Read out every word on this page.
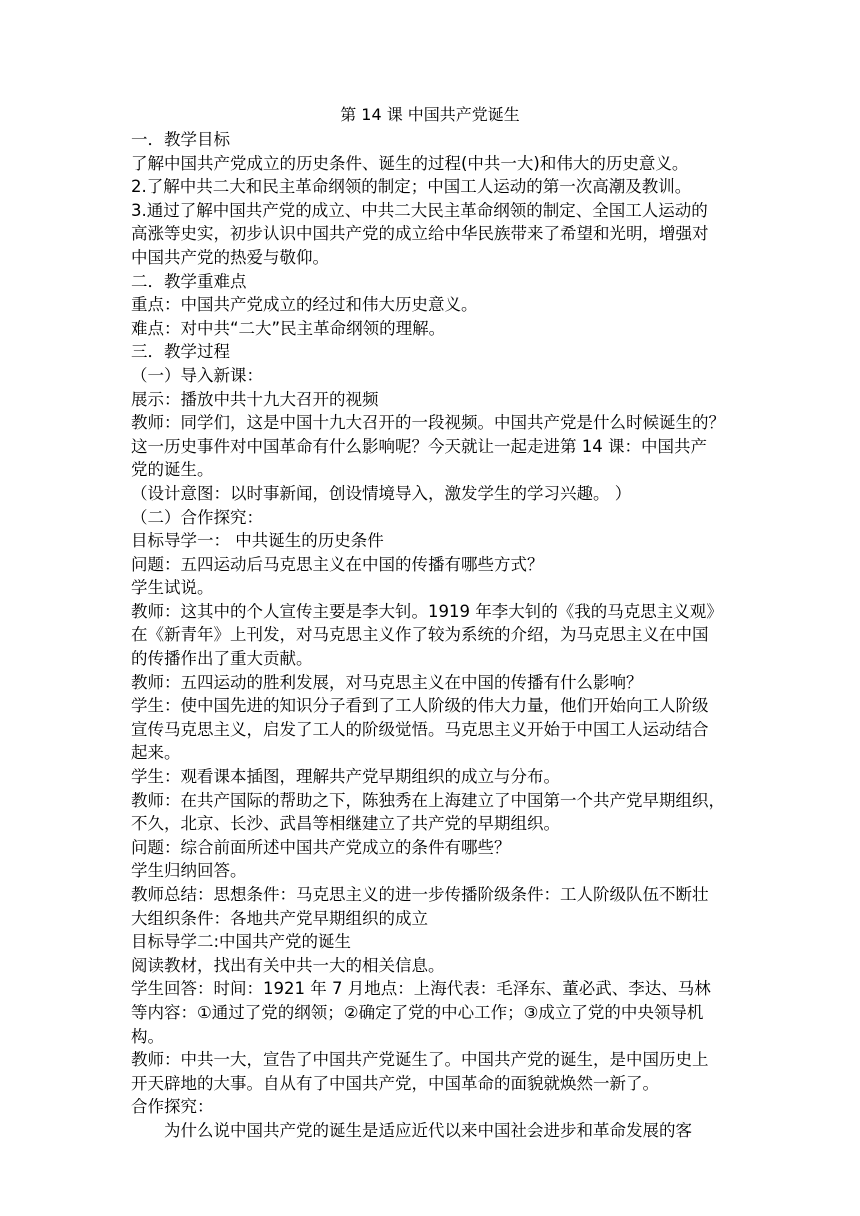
第 14 课 中国共产党诞生
一．教学目标
了解中国共产党成立的历史条件、诞生的过程(中共一大)和伟大的历史意义。
2.了解中共二大和民主革命纲领的制定；中国工人运动的第一次高潮及教训。
3.通过了解中国共产党的成立、中共二大民主革命纲领的制定、全国工人运动的
高涨等史实，初步认识中国共产党的成立给中华民族带来了希望和光明，增强对
中国共产党的热爱与敬仰。
二．教学重难点
重点：中国共产党成立的经过和伟大历史意义。
难点：对中共“二大”民主革命纲领的理解。
三．教学过程
（一）导入新课：
展示：播放中共十九大召开的视频
教师：同学们，这是中国十九大召开的一段视频。中国共产党是什么时候诞生的？
这一历史事件对中国革命有什么影响呢？今天就让一起走进第 14 课：中国共产
党的诞生。
（设计意图：以时事新闻，创设情境导入，激发学生的学习兴趣。 ）
（二）合作探究：
目标导学一： 中共诞生的历史条件
问题：五四运动后马克思主义在中国的传播有哪些方式？
学生试说。
教师：这其中的个人宣传主要是李大钊。1919 年李大钊的《我的马克思主义观》
在《新青年》上刊发，对马克思主义作了较为系统的介绍，为马克思主义在中国
的传播作出了重大贡献。
教师：五四运动的胜利发展，对马克思主义在中国的传播有什么影响？
学生：使中国先进的知识分子看到了工人阶级的伟大力量，他们开始向工人阶级
宣传马克思主义，启发了工人的阶级觉悟。马克思主义开始于中国工人运动结合
起来。
学生：观看课本插图，理解共产党早期组织的成立与分布。
教师：在共产国际的帮助之下，陈独秀在上海建立了中国第一个共产党早期组织，
不久，北京、长沙、武昌等相继建立了共产党的早期组织。
问题：综合前面所述中国共产党成立的条件有哪些？
学生归纳回答。
教师总结：思想条件：马克思主义的进一步传播阶级条件：工人阶级队伍不断壮
大组织条件：各地共产党早期组织的成立
目标导学二:中国共产党的诞生
阅读教材，找出有关中共一大的相关信息。
学生回答：时间：1921 年 7 月地点：上海代表：毛泽东、董必武、李达、马林
等内容：①通过了党的纲领；②确定了党的中心工作；③成立了党的中央领导机
构。
教师：中共一大，宣告了中国共产党诞生了。中国共产党的诞生，是中国历史上
开天辟地的大事。自从有了中国共产党，中国革命的面貌就焕然一新了。
合作探究：
为什么说中国共产党的诞生是适应近代以来中国社会进步和革命发展的客
